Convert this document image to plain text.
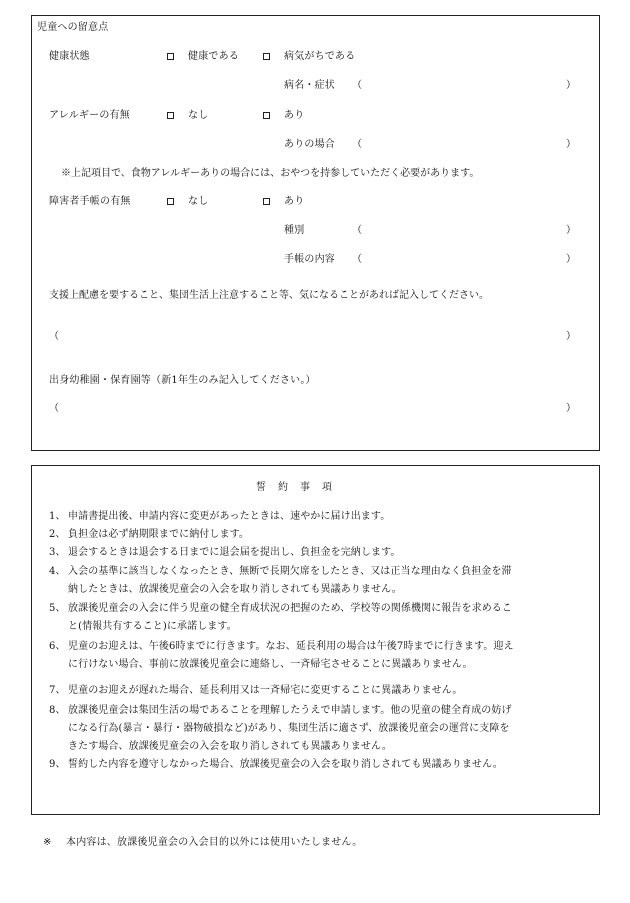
児童への留意点
健康状態	健康である	病気がちである
病名・症状 （	）
アレルギーの有無	なし	あり
ありの場合 （	）
※上記項目で、食物アレルギーありの場合には、おやつを持参していただく必要があります。
障害者手帳の有無	なし	あり
種別	（	）
手帳の内容 （	）
支援上配慮を要すること、集団生活上注意すること等、気になることがあれば記入してください。
（	）
出身幼稚園・保育園等（新1年生のみ記入してください。）
（	）
誓　約　事　項
1、 申請書提出後、申請内容に変更があったときは、速やかに届け出ます。
2、 負担金は必ず納期限までに納付します。
3、 退会するときは退会する日までに退会届を提出し、負担金を完納します。
4、 入会の基準に該当しなくなったとき、無断で長期欠席をしたとき、又は正当な理由なく負担金を滞
納したときは、放課後児童会の入会を取り消しされても異議ありません。
5、 放課後児童会の入会に伴う児童の健全育成状況の把握のため、学校等の関係機関に報告を求めるこ
と(情報共有すること)に承諾します。
6、 児童のお迎えは、午後6時までに行きます。なお、延長利用の場合は午後7時までに行きます。迎え
に行けない場合、事前に放課後児童会に連絡し、一斉帰宅させることに異議ありません。
7、 児童のお迎えが遅れた場合、延長利用又は一斉帰宅に変更することに異議ありません。
8、 放課後児童会は集団生活の場であることを理解したうえで申請します。他の児童の健全育成の妨げ
になる行為(暴言・暴行・器物破損など)があり、集団生活に適さず、放課後児童会の運営に支障を
きたす場合、放課後児童会の入会を取り消しされても異議ありません。
9、 誓約した内容を遵守しなかった場合、放課後児童会の入会を取り消しされても異議ありません。
※ 本内容は、放課後児童会の入会目的以外には使用いたしません。
